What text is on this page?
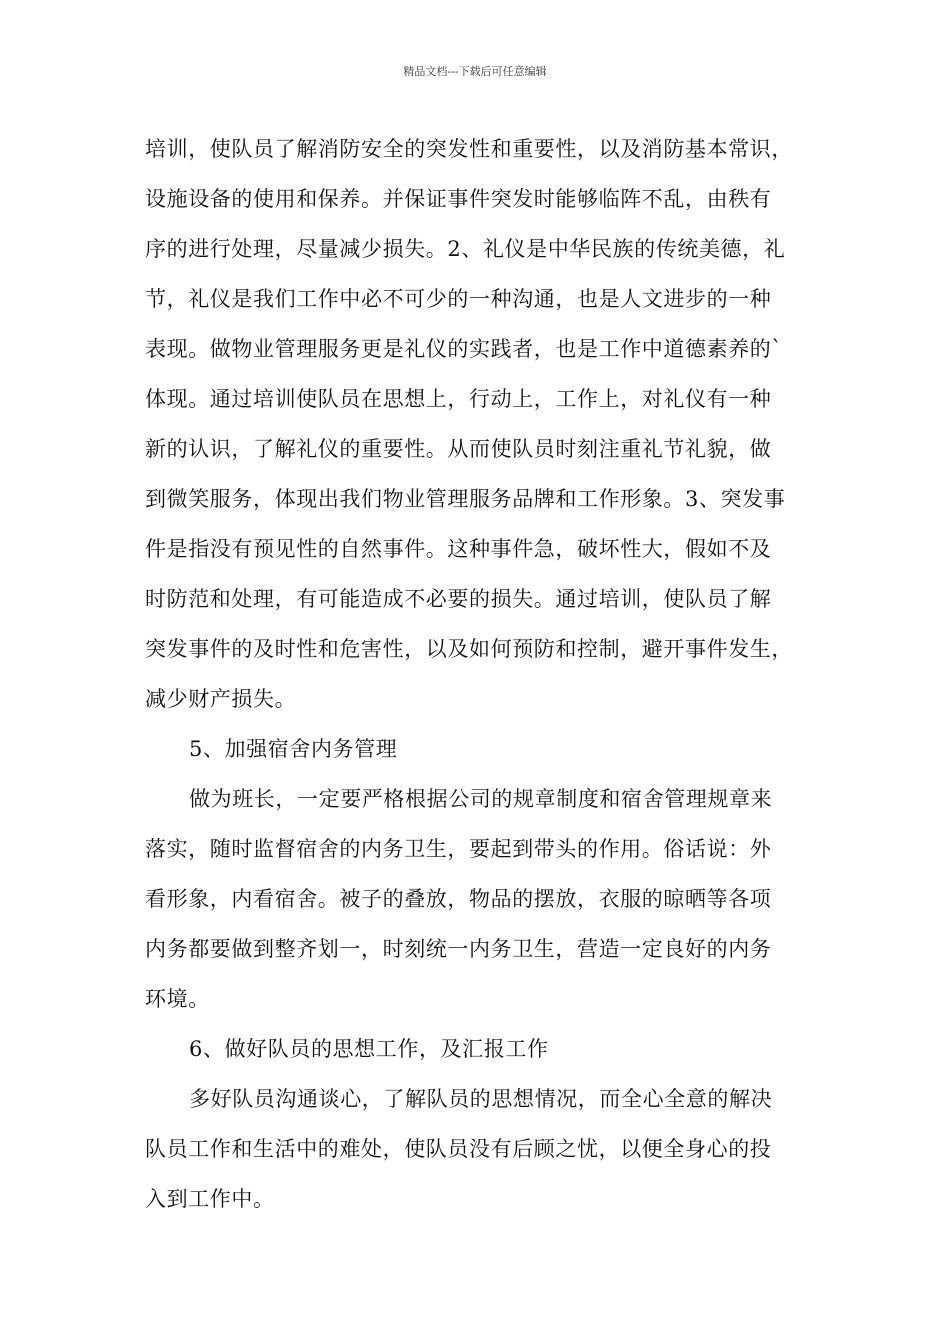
精品文档---下载后可任意编辑
培训，使队员了解消防安全的突发性和重要性，以及消防基本常识，
设施设备的使用和保养。并保证事件突发时能够临阵不乱，由秩有
序的进行处理，尽量减少损失。2、礼仪是中华民族的传统美德，礼
节，礼仪是我们工作中必不可少的一种沟通，也是人文进步的一种
表现。做物业管理服务更是礼仪的实践者，也是工作中道德素养的`
体现。通过培训使队员在思想上，行动上，工作上，对礼仪有一种
新的认识，了解礼仪的重要性。从而使队员时刻注重礼节礼貌，做
到微笑服务，体现出我们物业管理服务品牌和工作形象。3、突发事
件是指没有预见性的自然事件。这种事件急，破坏性大，假如不及
时防范和处理，有可能造成不必要的损失。通过培训，使队员了解
突发事件的及时性和危害性，以及如何预防和控制，避开事件发生，
减少财产损失。
5、加强宿舍内务管理
做为班长，一定要严格根据公司的规章制度和宿舍管理规章来
落实，随时监督宿舍的内务卫生，要起到带头的作用。俗话说：外
看形象，内看宿舍。被子的叠放，物品的摆放，衣服的晾晒等各项
内务都要做到整齐划一，时刻统一内务卫生，营造一定良好的内务
环境。
6、做好队员的思想工作，及汇报工作
多好队员沟通谈心，了解队员的思想情况，而全心全意的解决
队员工作和生活中的难处，使队员没有后顾之忧，以便全身心的投
入到工作中。
